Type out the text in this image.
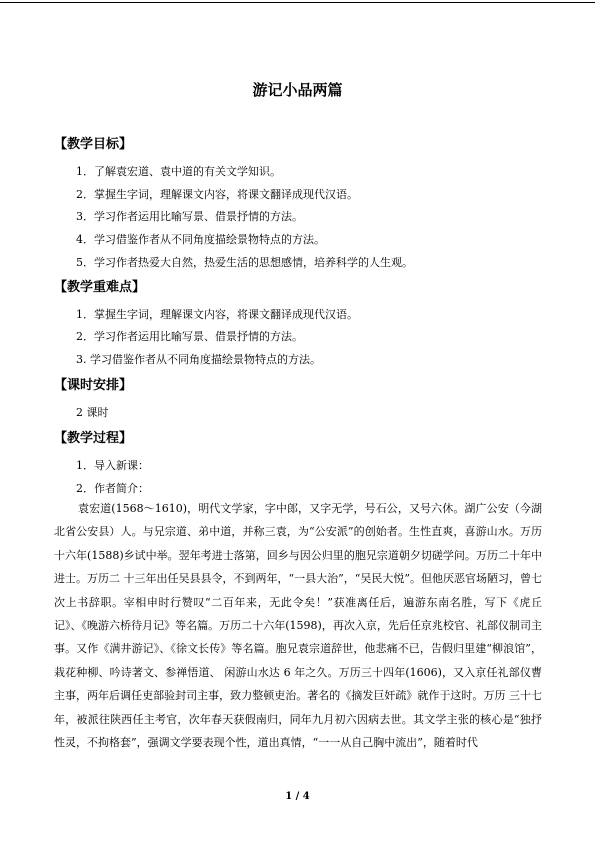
游记小品两篇
【教学目标】
1．了解袁宏道、袁中道的有关文学知识。
2．掌握生字词，理解课文内容，将课文翻译成现代汉语。
3．学习作者运用比喻写景、借景抒情的方法。
4．学习借鉴作者从不同角度描绘景物特点的方法。
5．学习作者热爱大自然，热爱生活的思想感情，培养科学的人生观。
【教学重难点】
1．掌握生字词，理解课文内容，将课文翻译成现代汉语。
2．学习作者运用比喻写景、借景抒情的方法。
3. 学习借鉴作者从不同角度描绘景物特点的方法。
【课时安排】
2 课时
【教学过程】
1．导入新课：
2．作者简介：
袁宏道(1568～1610)，明代文学家，字中郎，又字无学，号石公，又号六休。湖广公安（今湖北省公安县）人。与兄宗道、弟中道，并称三袁，为“公安派”的创始者。生性直爽，喜游山水。万历十六年(1588)乡试中举。翌年考进士落第，回乡与因公归里的胞兄宗道朝夕切磋学问。万历二十年中进士。万历二 十三年出任吴县县令，不到两年，“一县大治”，“吴民大悦”。但他厌恶官场陋习，曾七次上书辞职。宰相申时行赞叹“二百年来，无此令矣！”获准离任后，遍游东南名胜，写下《虎丘记》、《晚游六桥待月记》等名篇。万历二十六年(1598)，再次入京，先后任京兆校官、礼部仪制司主事。又作《满井游记》、《徐文长传》等名篇。胞兄袁宗道辞世，他悲痛不已，告假归里建“柳浪馆”，栽花种柳、吟诗著文、参禅悟道、 闲游山水达 6 年之久。万历三十四年(1606)，又入京任礼部仪曹主事，两年后调任吏部验封司主事，致力整顿吏治。著名的《摘发巨奸疏》就作于这时。万历 三十七年，被派往陕西任主考官，次年春天获假南归，同年九月初六因病去世。其文学主张的核心是“独抒性灵，不拘格套”，强调文学要表现个性，道出真情，“一一从自己胸中流出”，随着时代
1 / 4
